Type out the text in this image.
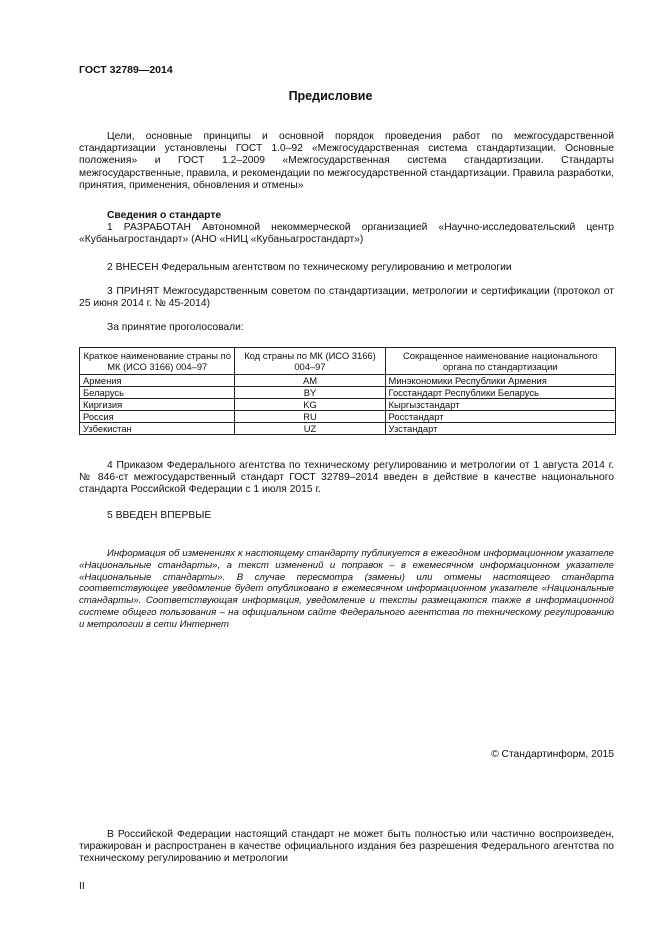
ГОСТ 32789—2014
Предисловие
Цели, основные принципы и основной порядок проведения работ по межгосударственной стандартизации установлены ГОСТ 1.0–92 «Межгосударственная система стандартизации. Основные положения» и ГОСТ 1.2–2009 «Межгосударственная система стандартизации. Стандарты межгосударственные, правила, и рекомендации по межгосударственной стандартизации. Правила разработки, принятия, применения, обновления и отмены»
Сведения о стандарте
1 РАЗРАБОТАН Автономной некоммерческой организацией «Научно-исследовательский центр «Кубаньагростандарт» (АНО «НИЦ «Кубаньагростандарт»)
2 ВНЕСЕН Федеральным агентством по техническому регулированию и метрологии
3 ПРИНЯТ Межгосударственным советом по стандартизации, метрологии и сертификации (протокол от 25 июня 2014 г. № 45-2014)
За принятие проголосовали:
Краткое наименование страны по МК (ИСО 3166) 004–97	Код страны по МК (ИСО 3166) 004–97	Сокращенное наименование национального органа по стандартизации
Армения	AM	Минэкономики Республики Армения
Беларусь	BY	Госстандарт Республики Беларусь
Киргизия	KG	Кыргызстандарт
Россия	RU	Росстандарт
Узбекистан	UZ	Узстандарт
4 Приказом Федерального агентства по техническому регулированию и метрологии от 1 августа 2014 г. № 846-ст межгосударственный стандарт ГОСТ 32789–2014 введен в действие в качестве национального стандарта Российской Федерации с 1 июля 2015 г.
5 ВВЕДЕН ВПЕРВЫЕ
Информация об изменениях к настоящему стандарту публикуется в ежегодном информационном указателе «Национальные стандарты», а текст изменений и поправок – в ежемесячном информационном указателе «Национальные стандарты». В случае пересмотра (замены) или отмены настоящего стандарта соответствующее уведомление будет опубликовано в ежемесячном информационном указателе «Национальные стандарты». Соответствующая информация, уведомление и тексты размещаются также в информационной системе общего пользования – на официальном сайте Федерального агентства по техническому регулированию и метрологии в сети Интернет
© Стандартинформ, 2015
В Российской Федерации настоящий стандарт не может быть полностью или частично воспроизведен, тиражирован и распространен в качестве официального издания без разрешения Федерального агентства по техническому регулированию и метрологии
II
